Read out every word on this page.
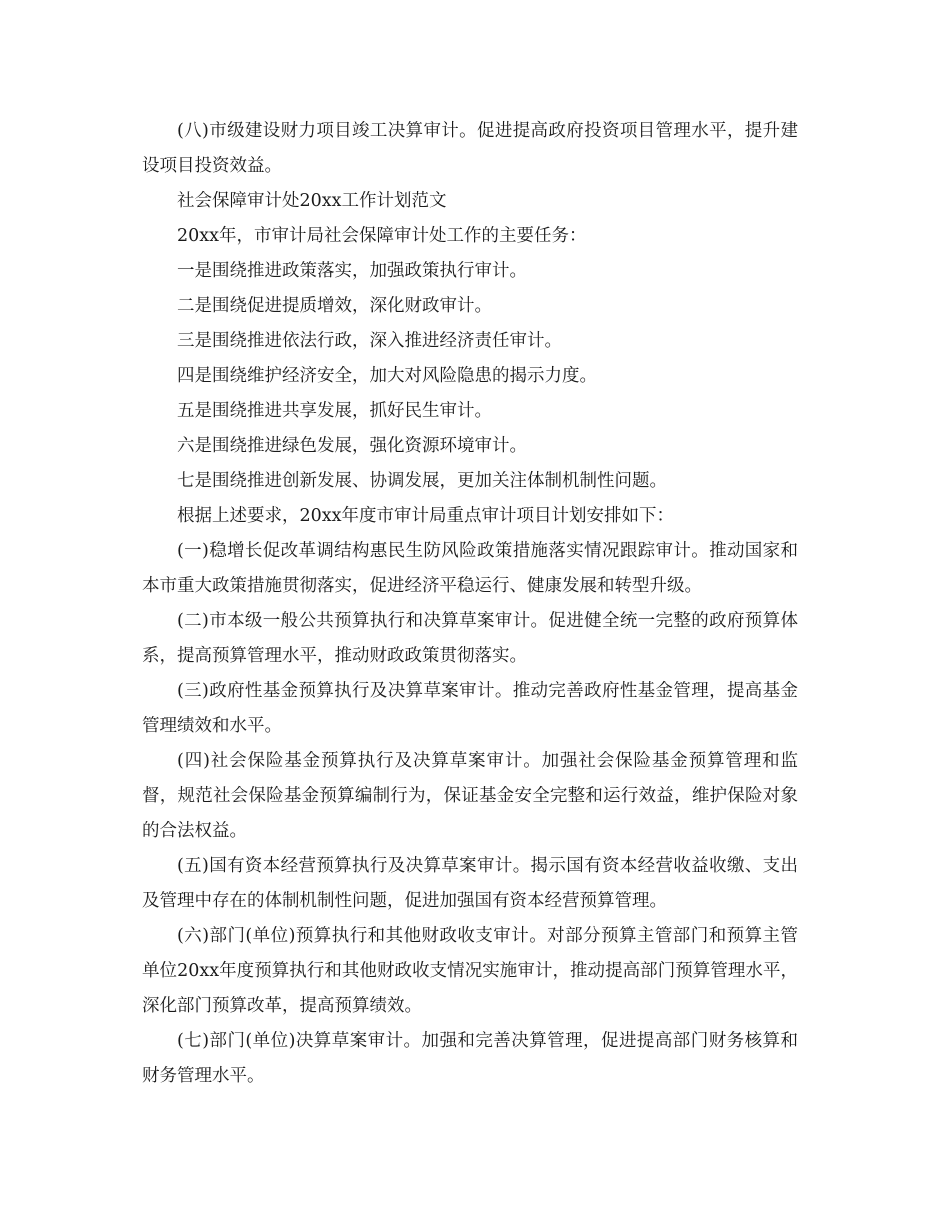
(八)市级建设财力项目竣工决算审计。促进提高政府投资项目管理水平，提升建设项目投资效益。

社会保障审计处20xx工作计划范文

20xx年，市审计局社会保障审计处工作的主要任务：

一是围绕推进政策落实，加强政策执行审计。

二是围绕促进提质增效，深化财政审计。

三是围绕推进依法行政，深入推进经济责任审计。

四是围绕维护经济安全，加大对风险隐患的揭示力度。

五是围绕推进共享发展，抓好民生审计。

六是围绕推进绿色发展，强化资源环境审计。

七是围绕推进创新发展、协调发展，更加关注体制机制性问题。

根据上述要求，20xx年度市审计局重点审计项目计划安排如下：

(一)稳增长促改革调结构惠民生防风险政策措施落实情况跟踪审计。推动国家和本市重大政策措施贯彻落实，促进经济平稳运行、健康发展和转型升级。

(二)市本级一般公共预算执行和决算草案审计。促进健全统一完整的政府预算体系，提高预算管理水平，推动财政政策贯彻落实。

(三)政府性基金预算执行及决算草案审计。推动完善政府性基金管理，提高基金管理绩效和水平。

(四)社会保险基金预算执行及决算草案审计。加强社会保险基金预算管理和监督，规范社会保险基金预算编制行为，保证基金安全完整和运行效益，维护保险对象的合法权益。

(五)国有资本经营预算执行及决算草案审计。揭示国有资本经营收益收缴、支出及管理中存在的体制机制性问题，促进加强国有资本经营预算管理。

(六)部门(单位)预算执行和其他财政收支审计。对部分预算主管部门和预算主管单位20xx年度预算执行和其他财政收支情况实施审计，推动提高部门预算管理水平，深化部门预算改革，提高预算绩效。

(七)部门(单位)决算草案审计。加强和完善决算管理，促进提高部门财务核算和财务管理水平。
